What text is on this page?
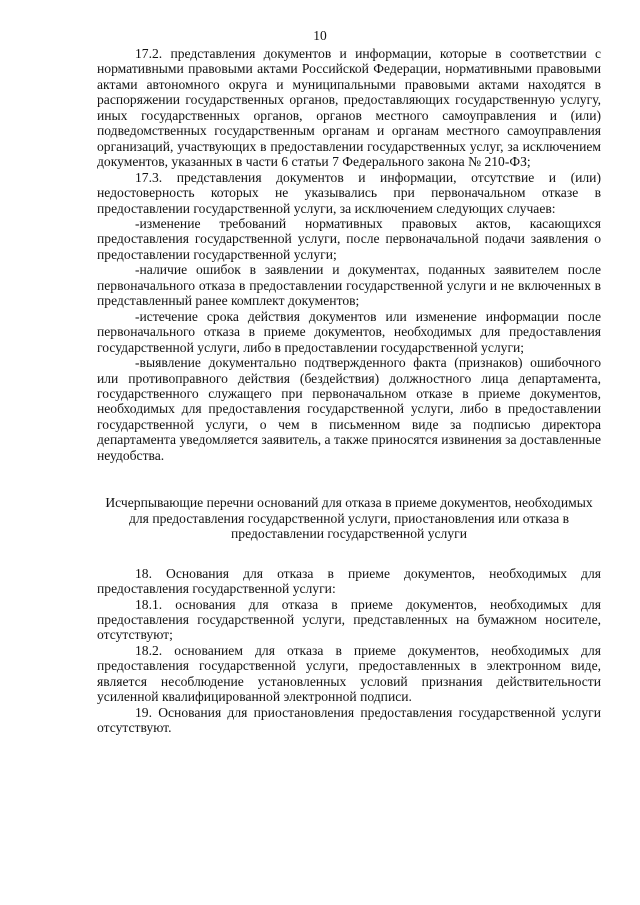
10

17.2. представления документов и информации, которые в соответствии с нормативными правовыми актами Российской Федерации, нормативными правовыми актами автономного округа и муниципальными правовыми актами находятся в распоряжении государственных органов, предоставляющих государственную услугу, иных государственных органов, органов местного самоуправления и (или) подведомственных государственным органам и органам местного самоуправления организаций, участвующих в предоставлении государственных услуг, за исключением документов, указанных в части 6 статьи 7 Федерального закона № 210-ФЗ;

17.3. представления документов и информации, отсутствие и (или) недостоверность которых не указывались при первоначальном отказе в предоставлении государственной услуги, за исключением следующих случаев:

-изменение требований нормативных правовых актов, касающихся предоставления государственной услуги, после первоначальной подачи заявления о предоставлении государственной услуги;

-наличие ошибок в заявлении и документах, поданных заявителем после первоначального отказа в предоставлении государственной услуги и не включенных в представленный ранее комплект документов;

-истечение срока действия документов или изменение информации после первоначального отказа в приеме документов, необходимых для предоставления государственной услуги, либо в предоставлении государственной услуги;

-выявление документально подтвержденного факта (признаков) ошибочного или противоправного действия (бездействия) должностного лица департамента, государственного служащего при первоначальном отказе в приеме документов, необходимых для предоставления государственной услуги, либо в предоставлении государственной услуги, о чем в письменном виде за подписью директора департамента уведомляется заявитель, а также приносятся извинения за доставленные неудобства.

Исчерпывающие перечни оснований для отказа в приеме документов, необходимых для предоставления государственной услуги, приостановления или отказа в предоставлении государственной услуги

18. Основания для отказа в приеме документов, необходимых для предоставления государственной услуги:

18.1. основания для отказа в приеме документов, необходимых для предоставления государственной услуги, представленных на бумажном носителе, отсутствуют;

18.2. основанием для отказа в приеме документов, необходимых для предоставления государственной услуги, предоставленных в электронном виде, является несоблюдение установленных условий признания действительности усиленной квалифицированной электронной подписи.

19. Основания для приостановления предоставления государственной услуги отсутствуют.
